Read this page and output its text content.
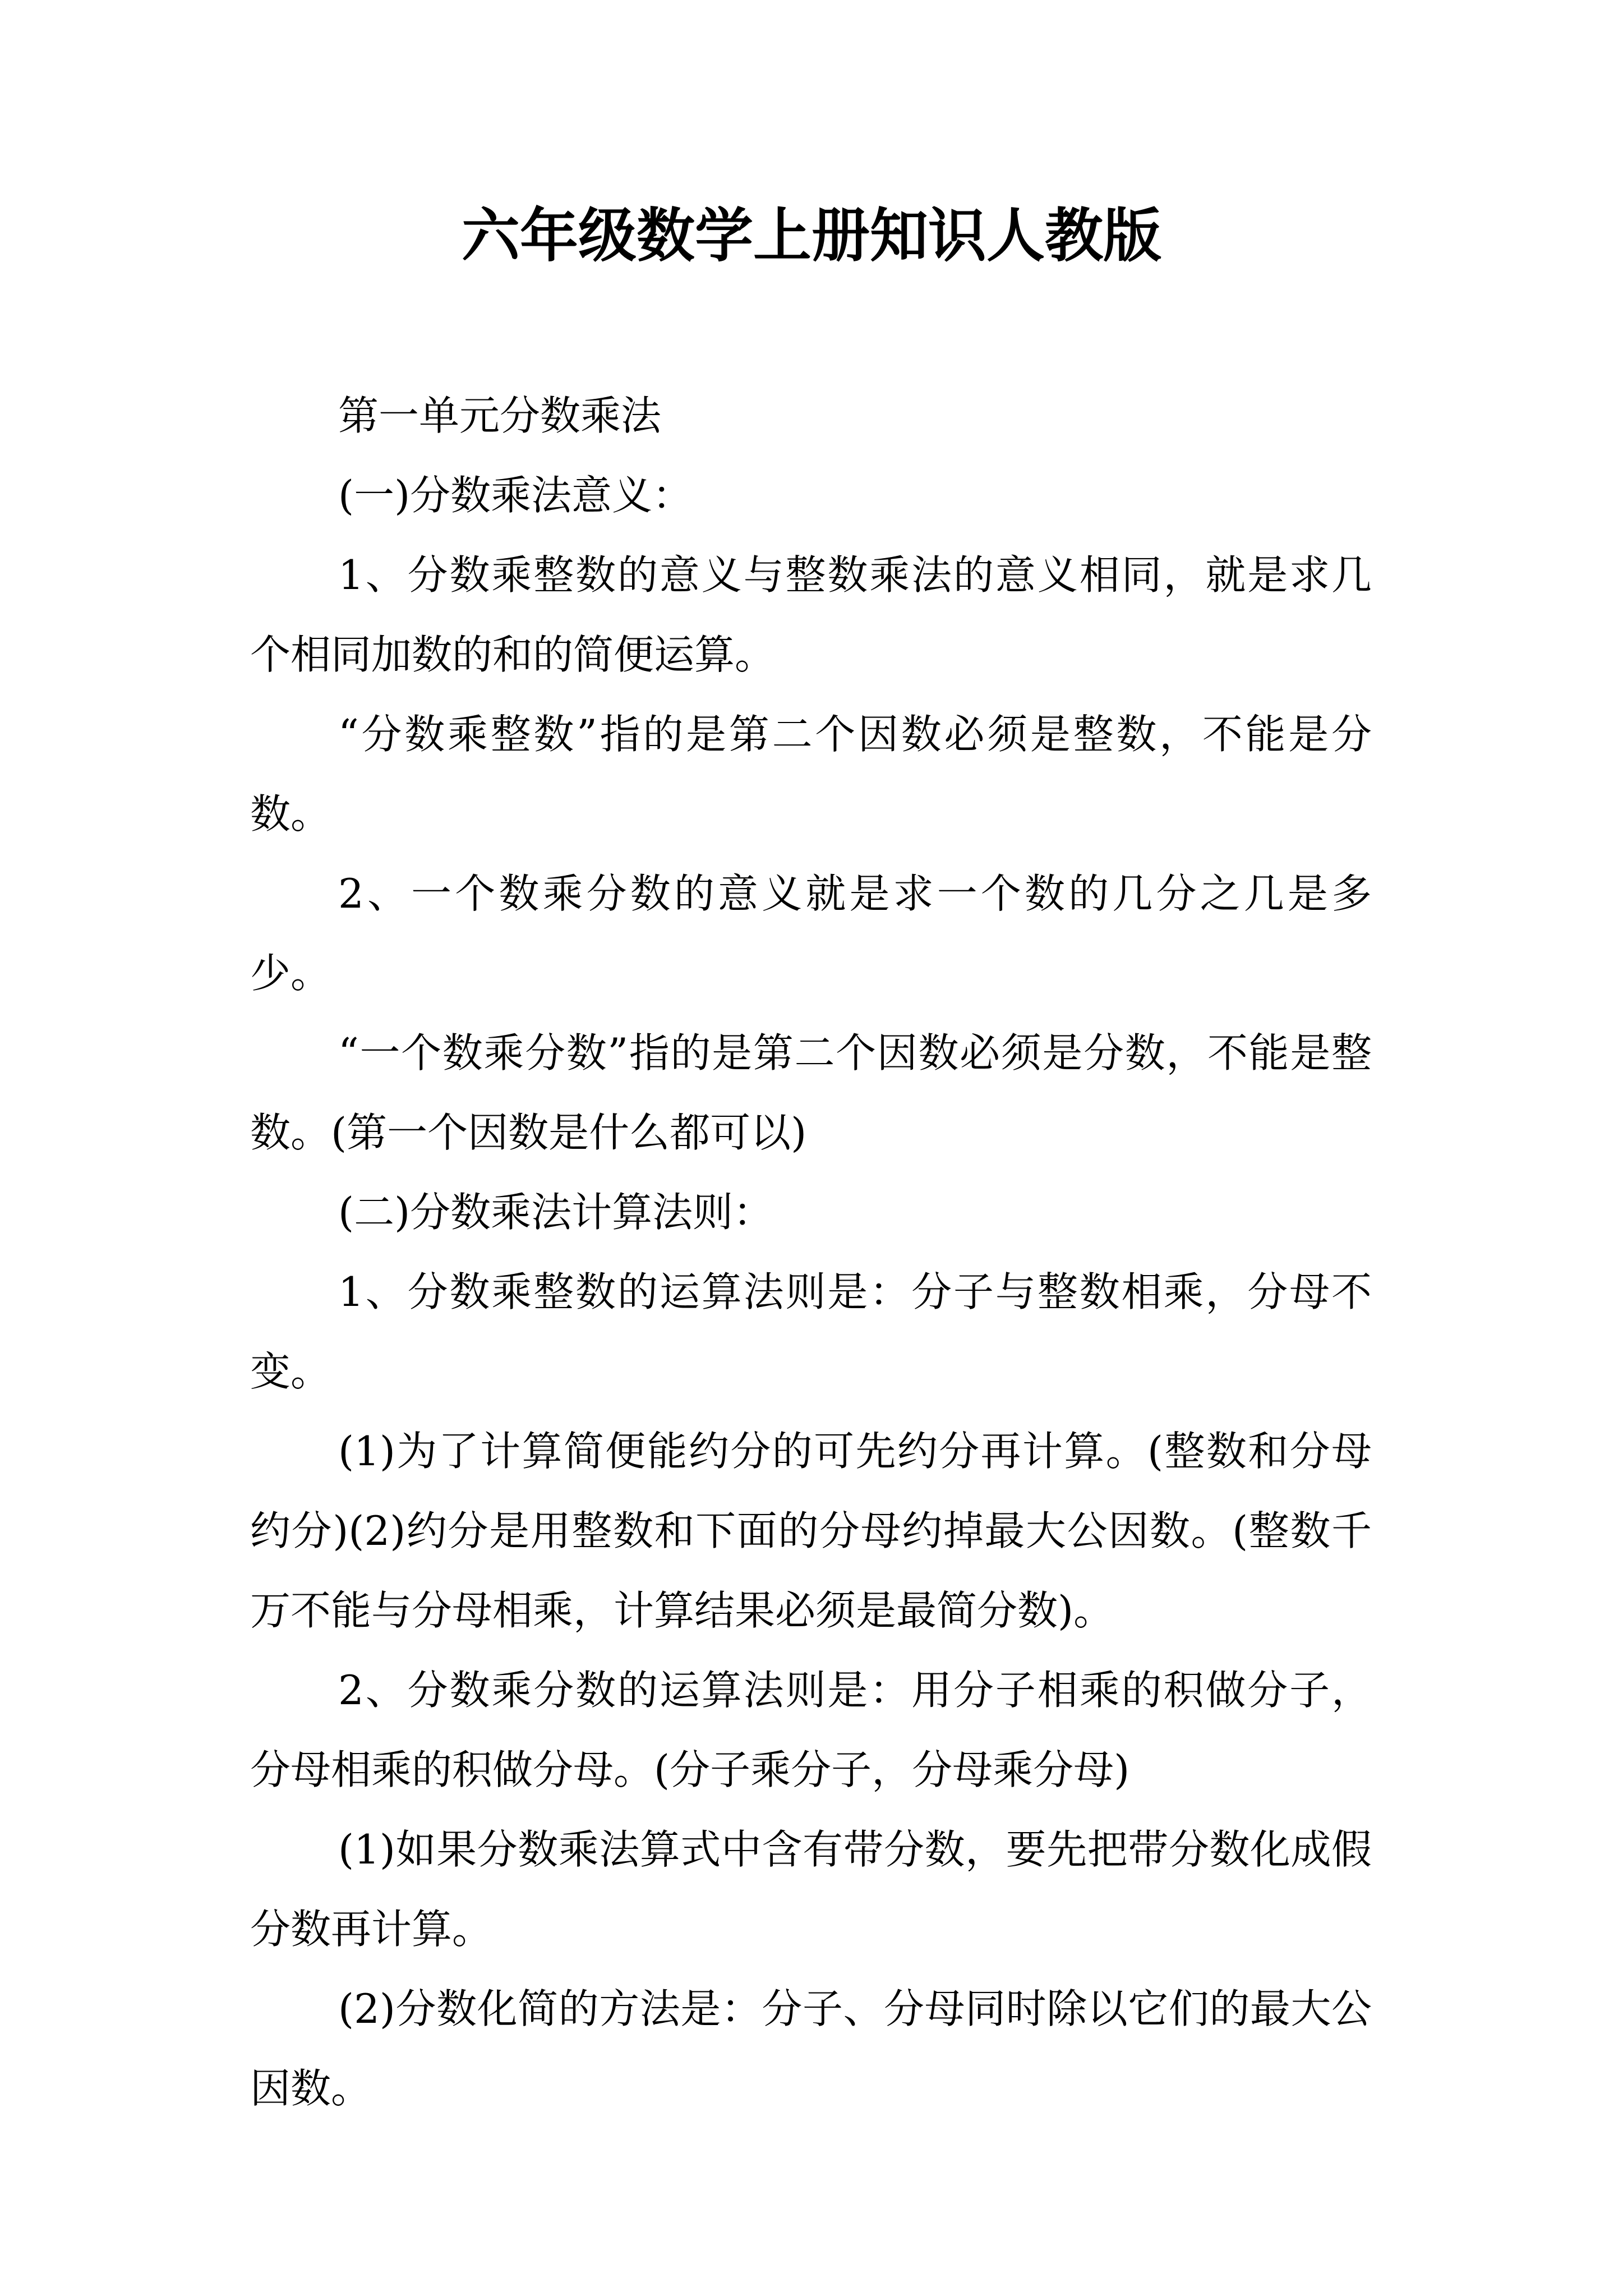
六年级数学上册知识人教版

第一单元分数乘法

(一)分数乘法意义：

1、分数乘整数的意义与整数乘法的意义相同，就是求几个相同加数的和的简便运算。

“分数乘整数”指的是第二个因数必须是整数，不能是分数。

2、一个数乘分数的意义就是求一个数的几分之几是多少。

“一个数乘分数”指的是第二个因数必须是分数，不能是整数。(第一个因数是什么都可以)

(二)分数乘法计算法则：

1、分数乘整数的运算法则是：分子与整数相乘，分母不变。

(1)为了计算简便能约分的可先约分再计算。(整数和分母约分)(2)约分是用整数和下面的分母约掉最大公因数。(整数千万不能与分母相乘，计算结果必须是最简分数)。

2、分数乘分数的运算法则是：用分子相乘的积做分子，分母相乘的积做分母。(分子乘分子，分母乘分母)

(1)如果分数乘法算式中含有带分数，要先把带分数化成假分数再计算。

(2)分数化简的方法是：分子、分母同时除以它们的最大公因数。
